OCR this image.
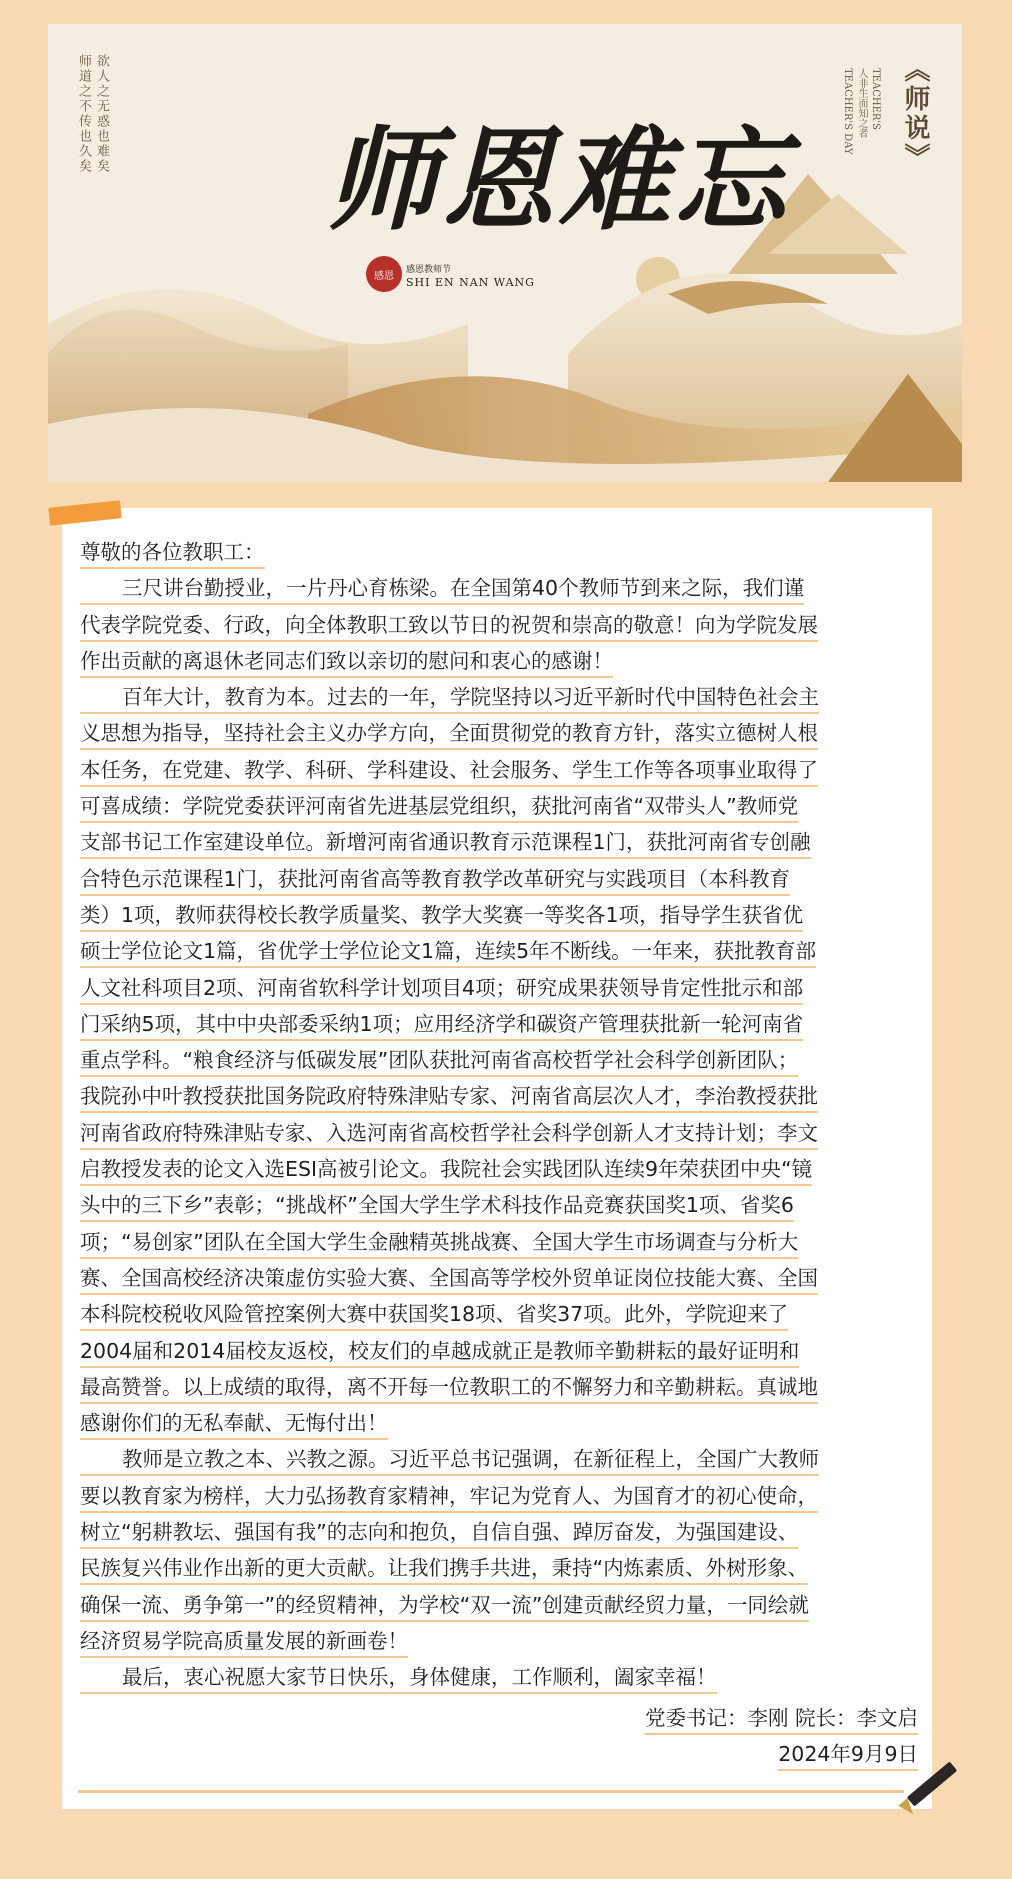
欲人之无惑也难矣
师道之不传也久矣	《师说》
TEACHER'S
人非生而知之者
TEACHER'S DAY
师恩难忘
感恩
感恩教师节
SHI EN NAN WANG

尊敬的各位教职工：

三尺讲台勤授业，一片丹心育栋梁。在全国第40个教师节到来之际，我们谨
代表学院党委、行政，向全体教职工致以节日的祝贺和崇高的敬意！向为学院发展
作出贡献的离退休老同志们致以亲切的慰问和衷心的感谢！
百年大计，教育为本。过去的一年，学院坚持以习近平新时代中国特色社会主
义思想为指导，坚持社会主义办学方向，全面贯彻党的教育方针，落实立德树人根
本任务，在党建、教学、科研、学科建设、社会服务、学生工作等各项事业取得了
可喜成绩：学院党委获评河南省先进基层党组织，获批河南省“双带头人”教师党
支部书记工作室建设单位。新增河南省通识教育示范课程1门，获批河南省专创融
合特色示范课程1门，获批河南省高等教育教学改革研究与实践项目（本科教育
类）1项，教师获得校长教学质量奖、教学大奖赛一等奖各1项，指导学生获省优
硕士学位论文1篇，省优学士学位论文1篇，连续5年不断线。一年来，获批教育部
人文社科项目2项、河南省软科学计划项目4项；研究成果获领导肯定性批示和部
门采纳5项，其中中央部委采纳1项；应用经济学和碳资产管理获批新一轮河南省
重点学科。“粮食经济与低碳发展”团队获批河南省高校哲学社会科学创新团队；
我院孙中叶教授获批国务院政府特殊津贴专家、河南省高层次人才，李治教授获批
河南省政府特殊津贴专家、入选河南省高校哲学社会科学创新人才支持计划；李文
启教授发表的论文入选ESI高被引论文。我院社会实践团队连续9年荣获团中央“镜
头中的三下乡”表彰；“挑战杯”全国大学生学术科技作品竞赛获国奖1项、省奖6
项；“易创家”团队在全国大学生金融精英挑战赛、全国大学生市场调查与分析大
赛、全国高校经济决策虚仿实验大赛、全国高等学校外贸单证岗位技能大赛、全国
本科院校税收风险管控案例大赛中获国奖18项、省奖37项。此外，学院迎来了
2004届和2014届校友返校，校友们的卓越成就正是教师辛勤耕耘的最好证明和
最高赞誉。以上成绩的取得，离不开每一位教职工的不懈努力和辛勤耕耘。真诚地
感谢你们的无私奉献、无悔付出！
教师是立教之本、兴教之源。习近平总书记强调，在新征程上，全国广大教师
要以教育家为榜样，大力弘扬教育家精神，牢记为党育人、为国育才的初心使命，
树立“躬耕教坛、强国有我”的志向和抱负，自信自强、踔厉奋发，为强国建设、
民族复兴伟业作出新的更大贡献。让我们携手共进，秉持“内炼素质、外树形象、
确保一流、勇争第一”的经贸精神，为学校“双一流”创建贡献经贸力量，一同绘就
经济贸易学院高质量发展的新画卷！
最后，衷心祝愿大家节日快乐，身体健康，工作顺利，阖家幸福！
党委书记：李刚 院长：李文启
2024年9月9日
